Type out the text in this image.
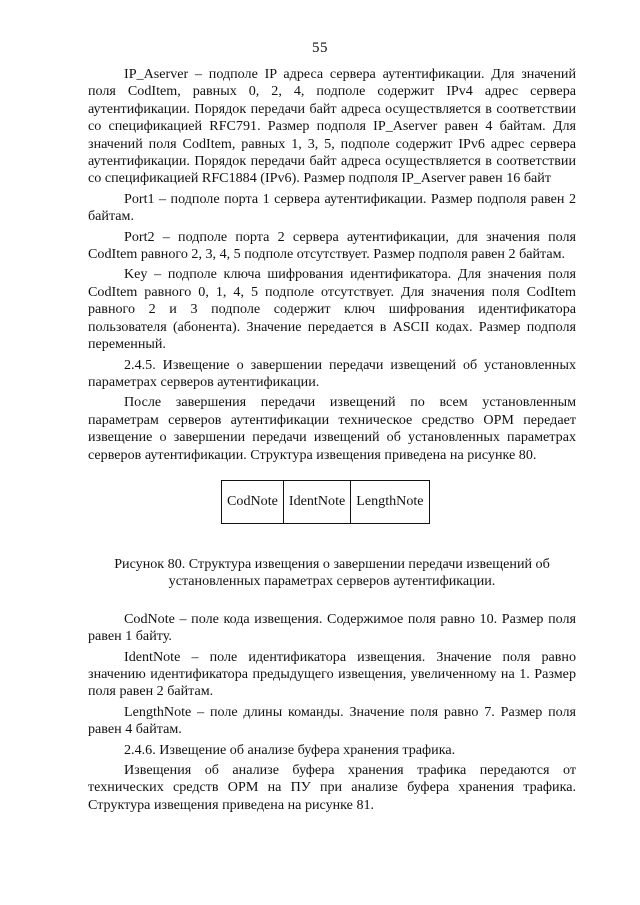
55

IP_Aserver – подполе IP адреса сервера аутентификации. Для значений поля CodItem, равных 0, 2, 4, подполе содержит IPv4 адрес сервера аутентификации. Порядок передачи байт адреса осуществляется в соответствии со спецификацией RFC791. Размер подполя IP_Aserver равен 4 байтам. Для значений поля CodItem, равных 1, 3, 5, подполе содержит IPv6 адрес сервера аутентификации. Порядок передачи байт адреса осуществляется в соответствии со спецификацией RFC1884 (IPv6). Размер подполя IP_Aserver равен 16 байт

Port1 – подполе порта 1 сервера аутентификации. Размер подполя равен 2 байтам.

Port2 – подполе порта 2 сервера аутентификации, для значения поля CodItem равного 2, 3, 4, 5 подполе отсутствует. Размер подполя равен 2 байтам.

Key – подполе ключа шифрования идентификатора. Для значения поля CodItem равного 0, 1, 4, 5 подполе отсутствует. Для значения поля CodItem равного 2 и 3 подполе содержит ключ шифрования идентификатора пользователя (абонента). Значение передается в ASCII кодах. Размер подполя переменный.

2.4.5. Извещение о завершении передачи извещений об установленных параметрах серверов аутентификации.

После завершения передачи извещений по всем установленным параметрам серверов аутентификации техническое средство ОРМ передает извещение о завершении передачи извещений об установленных параметрах серверов аутентификации. Структура извещения приведена на рисунке 80.

CodNote	IdentNote	LengthNote
Рисунок 80. Структура извещения о завершении передачи извещений об установленных параметрах серверов аутентификации.

CodNote – поле кода извещения. Содержимое поля равно 10. Размер поля равен 1 байту.

IdentNote – поле идентификатора извещения. Значение поля равно значению идентификатора предыдущего извещения, увеличенному на 1. Размер поля равен 2 байтам.

LengthNote – поле длины команды. Значение поля равно 7. Размер поля равен 4 байтам.

2.4.6. Извещение об анализе буфера хранения трафика.

Извещения об анализе буфера хранения трафика передаются от технических средств ОРМ на ПУ при анализе буфера хранения трафика. Структура извещения приведена на рисунке 81.
